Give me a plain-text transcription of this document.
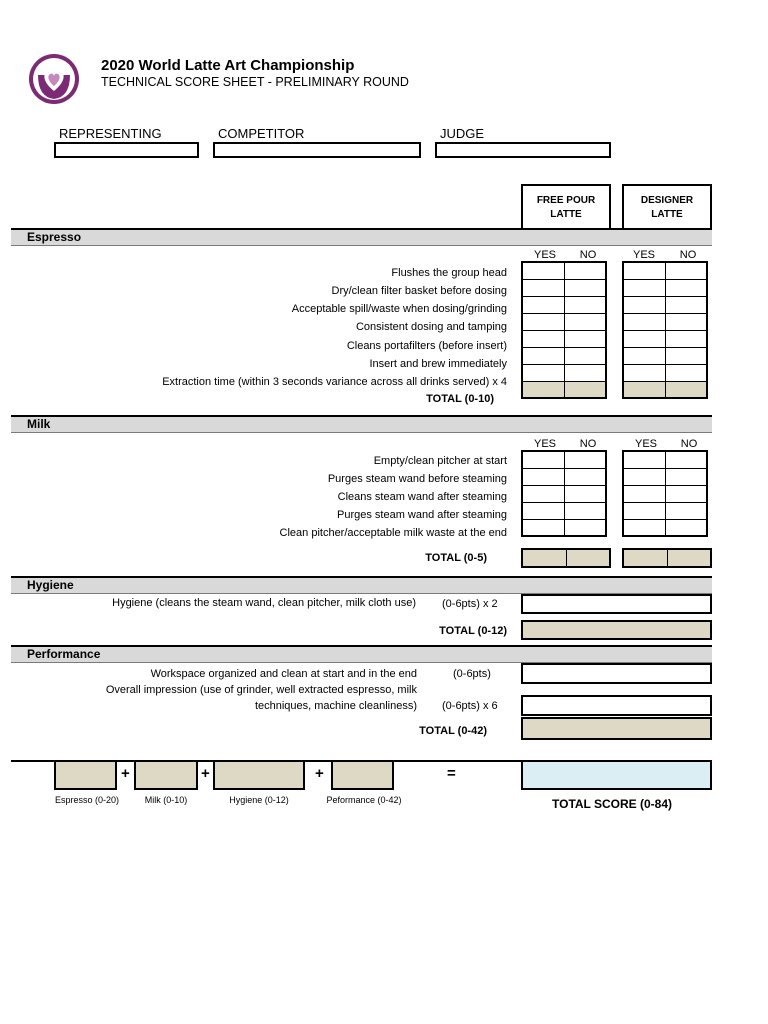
2020 World Latte Art Championship
TECHNICAL SCORE SHEET - PRELIMINARY ROUND
REPRESENTING	COMPETITOR	JUDGE
FREE POUR
LATTE
DESIGNER
LATTE
Espresso
YES	NO	YES	NO
Flushes the group head
Dry/clean filter basket before dosing
Acceptable spill/waste when dosing/grinding
Consistent dosing and tamping
Cleans portafilters (before insert)
Insert and brew immediately
Extraction time (within 3 seconds variance across all drinks served) x 4
TOTAL (0-10)

Milk
YES	NO	YES	NO
Empty/clean pitcher at start
Purges steam wand before steaming
Cleans steam wand after steaming
Purges steam wand after steaming
Clean pitcher/acceptable milk waste at the end
TOTAL (0-5)

Hygiene
Hygiene (cleans the steam wand, clean pitcher, milk cloth use) (0-6pts) x 2
TOTAL (0-12)
Performance
Workspace organized and clean at start and in the end	(0-6pts)
Overall impression (use of grinder, well extracted espresso, milk
techniques, machine cleanliness) (0-6pts) x 6
TOTAL (0-42)
+	+	+	=
Espresso (0-20)	Milk (0-10)	Hygiene (0-12)	Peformance (0-42)	TOTAL SCORE (0-84)
